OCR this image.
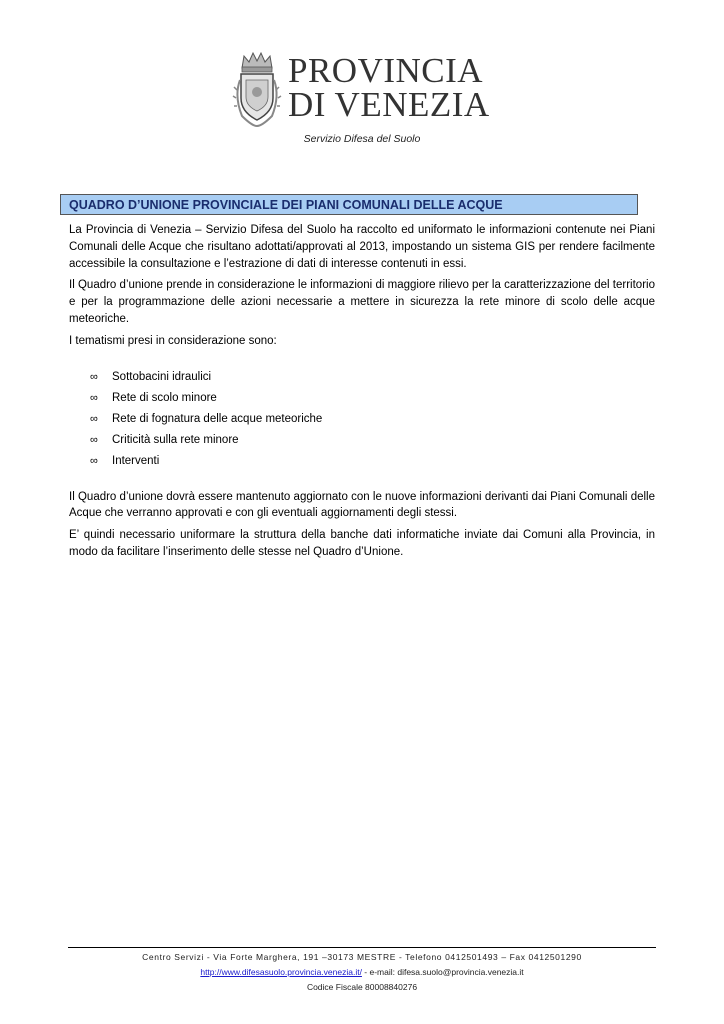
PROVINCIA
DI VENEZIA
Servizio Difesa del Suolo
QUADRO D’UNIONE PROVINCIALE DEI PIANI COMUNALI DELLE ACQUE

La Provincia di Venezia – Servizio Difesa del Suolo ha raccolto ed uniformato le informazioni contenute nei Piani Comunali delle Acque che risultano adottati/approvati al 2013, impostando un sistema GIS per rendere facilmente accessibile la consultazione e l’estrazione di dati di interesse contenuti in essi.

Il Quadro d’unione prende in considerazione le informazioni di maggiore rilievo per la caratterizzazione del territorio e per la programmazione delle azioni necessarie a mettere in sicurezza la rete minore di scolo delle acque meteoriche.

I tematismi presi in considerazione sono:

∞ Sottobacini idraulici
∞ Rete di scolo minore
∞ Rete di fognatura delle acque meteoriche
∞ Criticità sulla rete minore
∞ Interventi

Il Quadro d’unione dovrà essere mantenuto aggiornato con le nuove informazioni derivanti dai Piani Comunali delle Acque che verranno approvati e con gli eventuali aggiornamenti degli stessi.

E’ quindi necessario uniformare la struttura della banche dati informatiche inviate dai Comuni alla Provincia, in modo da facilitare l’inserimento delle stesse nel Quadro d’Unione.

Centro Servizi - Via Forte Marghera, 191 –30173 MESTRE - Telefono 0412501493 – Fax 0412501290
http://www.difesasuolo.provincia.venezia.it/ - e-mail: difesa.suolo@provincia.venezia.it
Codice Fiscale 80008840276
